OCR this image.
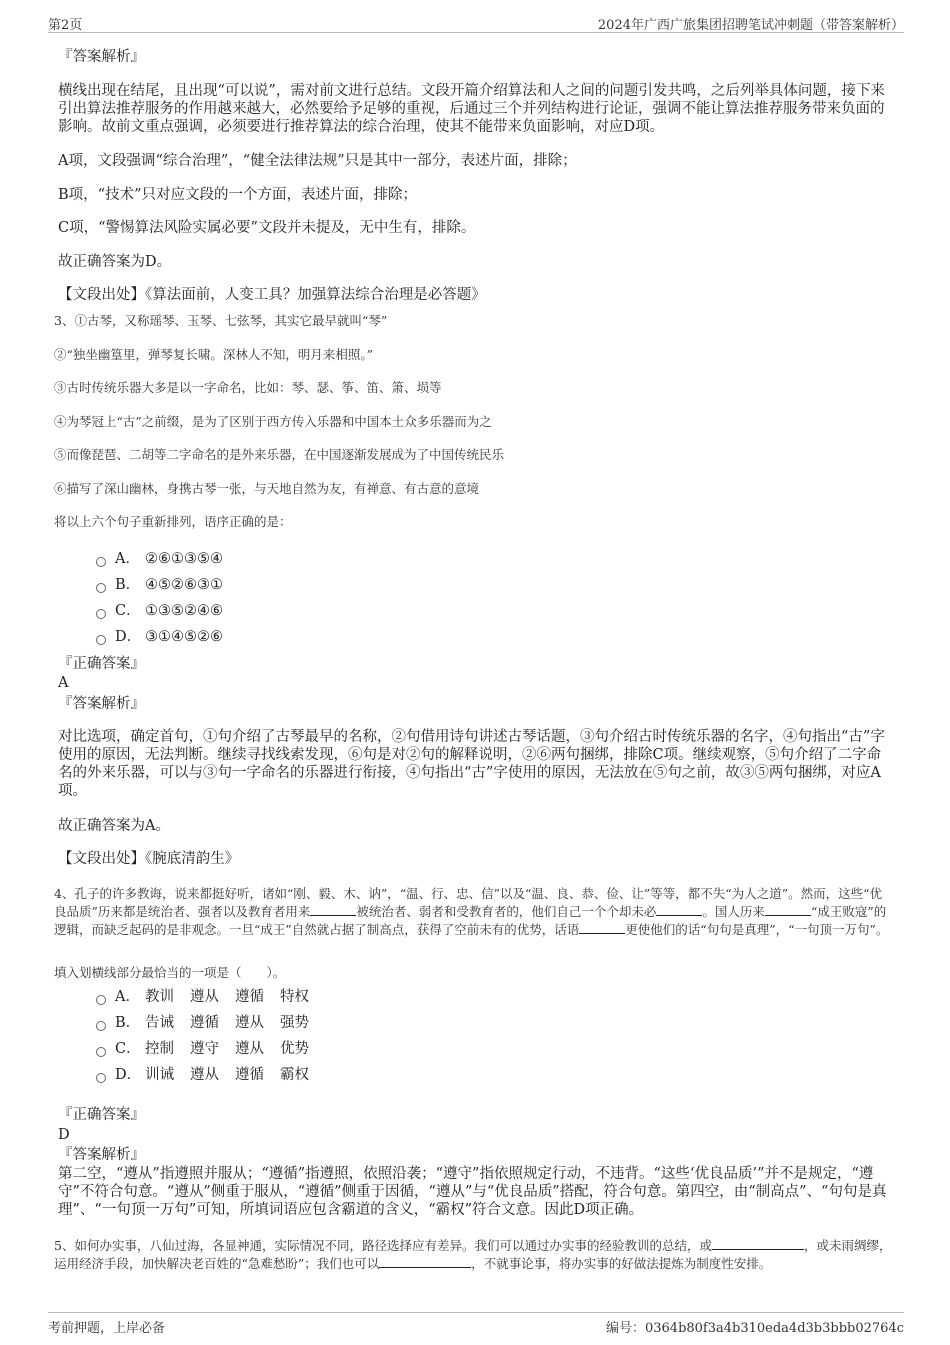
第2页	2024年广西广旅集团招聘笔试冲刺题（带答案解析）
『答案解析』
横线出现在结尾，且出现“可以说”，需对前文进行总结。文段开篇介绍算法和人之间的问题引发共鸣，之后列举具体问题，接下来引出算法推荐服务的作用越来越大，必然要给予足够的重视，后通过三个并列结构进行论证，强调不能让算法推荐服务带来负面的影响。故前文重点强调，必须要进行推荐算法的综合治理，使其不能带来负面影响，对应D项。
A项，文段强调“综合治理”，“健全法律法规”只是其中一部分，表述片面，排除；
B项，“技术”只对应文段的一个方面，表述片面，排除；
C项，“警惕算法风险实属必要”文段并未提及，无中生有，排除。
故正确答案为D。
【文段出处】《算法面前，人变工具？加强算法综合治理是必答题》
3、①古琴，又称瑶琴、玉琴、七弦琴，其实它最早就叫“琴”
②“独坐幽篁里，弹琴复长啸。深林人不知，明月来相照。”
③古时传统乐器大多是以一字命名，比如：琴、瑟、筝、笛、箫、埙等
④为琴冠上“古”之前缀，是为了区别于西方传入乐器和中国本土众多乐器而为之
⑤而像琵琶、二胡等二字命名的是外来乐器，在中国逐渐发展成为了中国传统民乐
⑥描写了深山幽林，身携古琴一张，与天地自然为友，有禅意、有古意的意境
将以上六个句子重新排列，语序正确的是：
A． ②⑥①③⑤④
B． ④⑤②⑥③①
C． ①③⑤②④⑥
D． ③①④⑤②⑥
『正确答案』
A
『答案解析』
对比选项，确定首句，①句介绍了古琴最早的名称，②句借用诗句讲述古琴话题，③句介绍古时传统乐器的名字，④句指出“古”字使用的原因，无法判断。继续寻找线索发现，⑥句是对②句的解释说明，②⑥两句捆绑，排除C项。继续观察，⑤句介绍了二字命名的外来乐器，可以与③句一字命名的乐器进行衔接，④句指出“古”字使用的原因，无法放在⑤句之前，故③⑤两句捆绑，对应A项。
故正确答案为A。
【文段出处】《腕底清韵生》
4、孔子的许多教诲，说来都挺好听，诸如“刚、毅、木、讷”，“温、行、忠、信”以及“温、良、恭、俭、让”等等，都不失“为人之道”。然而，这些“优良品质”历来都是统治者、强者以及教育者用来	被统治者、弱者和受教育者的，他们自己一个个却未必	。国人历来	“成王败寇”的逻辑，而缺乏起码的是非观念。一旦“成王”自然就占据了制高点，获得了空前未有的优势，话语	更使他们的话“句句是真理”，“一句顶一万句”。
填入划横线部分最恰当的一项是（　　）。
A． 教训 遵从 遵循 特权
B． 告诫 遵循 遵从 强势
C． 控制 遵守 遵从 优势
D． 训诫 遵从 遵循 霸权
『正确答案』
D
『答案解析』
第二空，“遵从”指遵照并服从；“遵循”指遵照，依照沿袭；“遵守”指依照规定行动，不违背。“这些‘优良品质’”并不是规定，“遵守”不符合句意。“遵从”侧重于服从，“遵循”侧重于因循，“遵从”与“优良品质”搭配，符合句意。第四空，由“制高点”、“句句是真理”、“一句顶一万句”可知，所填词语应包含霸道的含义，“霸权”符合文意。因此D项正确。
5、如何办实事，八仙过海，各显神通，实际情况不同，路径选择应有差异。我们可以通过办实事的经验教训的总结，或	，或未雨绸缪，运用经济手段，加快解决老百姓的“急难愁盼”；我们也可以	，不就事论事，将办实事的好做法提炼为制度性安排。
考前押题，上岸必备	编号：0364b80f3a4b310eda4d3b3bbb02764c
